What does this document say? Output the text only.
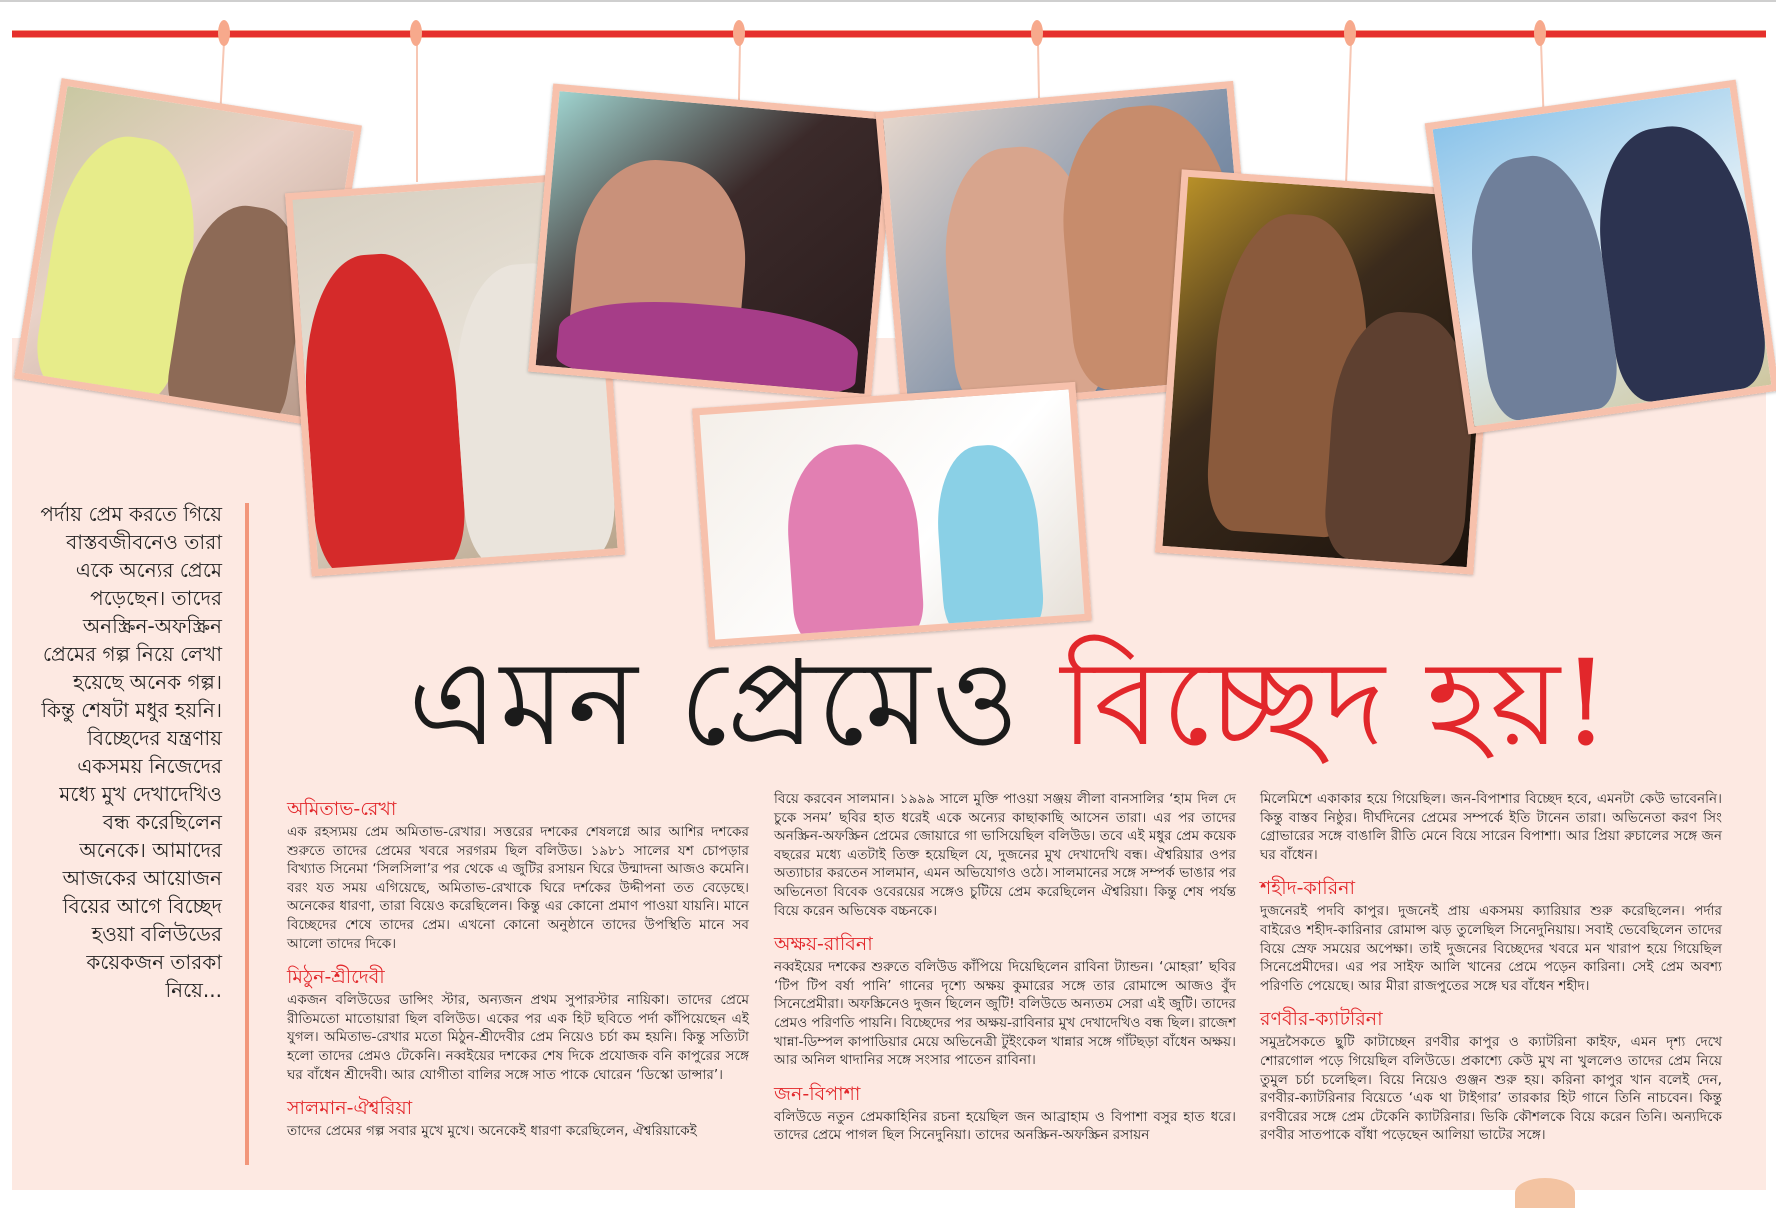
এমন প্রেমেও বিচ্ছেদ হয়!
পর্দায় প্রেম করতে গিয়ে বাস্তবজীবনেও তারা একে অন্যের প্রেমে পড়েছেন। তাদের অনস্ক্রিন-অফস্ক্রিন প্রেমের গল্প নিয়ে লেখা হয়েছে অনেক গল্প। কিন্তু শেষটা মধুর হয়নি। বিচ্ছেদের যন্ত্রণায় একসময় নিজেদের মধ্যে মুখ দেখাদেখিও বন্ধ করেছিলেন অনেকে। আমাদের আজকের আয়োজন বিয়ের আগে বিচ্ছেদ হওয়া বলিউডের কয়েকজন তারকা নিয়ে...
অমিতাভ-রেখা

এক রহস্যময় প্রেম অমিতাভ-রেখার। সত্তরের দশকের শেষলগ্নে আর আশির দশকের শুরুতে তাদের প্রেমের খবরে সরগরম ছিল বলিউড। ১৯৮১ সালের যশ চোপড়ার বিখ্যাত সিনেমা ‘সিলসিলা’র পর থেকে এ জুটির রসায়ন ঘিরে উন্মাদনা আজও কমেনি। বরং যত সময় এগিয়েছে, অমিতাভ-রেখাকে ঘিরে দর্শকের উদ্দীপনা তত বেড়েছে। অনেকের ধারণা, তারা বিয়েও করেছিলেন। কিন্তু এর কোনো প্রমাণ পাওয়া যায়নি। মানে বিচ্ছেদের শেষে তাদের প্রেম। এখনো কোনো অনুষ্ঠানে তাদের উপস্থিতি মানে সব আলো তাদের দিকে।

মিঠুন-শ্রীদেবী

একজন বলিউডের ডান্সিং স্টার, অন্যজন প্রথম সুপারস্টার নায়িকা। তাদের প্রেমে রীতিমতো মাতোয়ারা ছিল বলিউড। একের পর এক হিট ছবিতে পর্দা কাঁপিয়েছেন এই যুগল। অমিতাভ-রেখার মতো মিঠুন-শ্রীদেবীর প্রেম নিয়েও চর্চা কম হয়নি। কিন্তু সত্যিটা হলো তাদের প্রেমও টেকেনি। নব্বইয়ের দশকের শেষ দিকে প্রযোজক বনি কাপুরের সঙ্গে ঘর বাঁধেন শ্রীদেবী। আর যোগীতা বালির সঙ্গে সাত পাকে ঘোরেন ‘ডিস্কো ডান্সার’।

সালমান-ঐশ্বরিয়া

তাদের প্রেমের গল্প সবার মুখে মুখে। অনেকেই ধারণা করেছিলেন, ঐশ্বরিয়াকেই

বিয়ে করবেন সালমান। ১৯৯৯ সালে মুক্তি পাওয়া সঞ্জয় লীলা বানসালির ‘হাম দিল দে চুকে সনম’ ছবির হাত ধরেই একে অন্যের কাছাকাছি আসেন তারা। এর পর তাদের অনস্ক্রিন-অফস্ক্রিন প্রেমের জোয়ারে গা ভাসিয়েছিল বলিউড। তবে এই মধুর প্রেম কয়েক বছরের মধ্যে এতটাই তিক্ত হয়েছিল যে, দুজনের মুখ দেখাদেখি বন্ধ। ঐশ্বরিয়ার ওপর অত্যাচার করতেন সালমান, এমন অভিযোগও ওঠে। সালমানের সঙ্গে সম্পর্ক ভাঙার পর অভিনেতা বিবেক ওবেরয়ের সঙ্গেও চুটিয়ে প্রেম করেছিলেন ঐশ্বরিয়া। কিন্তু শেষ পর্যন্ত বিয়ে করেন অভিষেক বচ্চনকে।

অক্ষয়-রাবিনা

নব্বইয়ের দশকের শুরুতে বলিউড কাঁপিয়ে দিয়েছিলেন রাবিনা ট্যান্ডন। ‘মোহরা’ ছবির ‘টিপ টিপ বর্ষা পানি’ গানের দৃশ্যে অক্ষয় কুমারের সঙ্গে তার রোমান্সে আজও বুঁদ সিনেপ্রেমীরা। অফস্ক্রিনেও দুজন ছিলেন জুটি! বলিউডে অন্যতম সেরা এই জুটি। তাদের প্রেমও পরিণতি পায়নি। বিচ্ছেদের পর অক্ষয়-রাবিনার মুখ দেখাদেখিও বন্ধ ছিল। রাজেশ খান্না-ডিম্পল কাপাডিয়ার মেয়ে অভিনেত্রী টুইংকেল খান্নার সঙ্গে গাঁটছড়া বাঁধেন অক্ষয়। আর অনিল থাদানির সঙ্গে সংসার পাতেন রাবিনা।

জন-বিপাশা

বলিউডে নতুন প্রেমকাহিনির রচনা হয়েছিল জন আব্রাহাম ও বিপাশা বসুর হাত ধরে। তাদের প্রেমে পাগল ছিল সিনেদুনিয়া। তাদের অনস্ক্রিন-অফস্ক্রিন রসায়ন

মিলেমিশে একাকার হয়ে গিয়েছিল। জন-বিপাশার বিচ্ছেদ হবে, এমনটা কেউ ভাবেননি। কিন্তু বাস্তব নিষ্ঠুর। দীর্ঘদিনের প্রেমের সম্পর্কে ইতি টানেন তারা। অভিনেতা করণ সিং গ্রোভারের সঙ্গে বাঙালি রীতি মেনে বিয়ে সারেন বিপাশা। আর প্রিয়া রুচালের সঙ্গে জন ঘর বাঁধেন।

শহীদ-কারিনা

দুজনেরই পদবি কাপুর। দুজনেই প্রায় একসময় ক্যারিয়ার শুরু করেছিলেন। পর্দার বাইরেও শহীদ-কারিনার রোমান্স ঝড় তুলেছিল সিনেদুনিয়ায়। সবাই ভেবেছিলেন তাদের বিয়ে স্রেফ সময়ের অপেক্ষা। তাই দুজনের বিচ্ছেদের খবরে মন খারাপ হয়ে গিয়েছিল সিনেপ্রেমীদের। এর পর সাইফ আলি খানের প্রেমে পড়েন কারিনা। সেই প্রেম অবশ্য পরিণতি পেয়েছে। আর মীরা রাজপুতের সঙ্গে ঘর বাঁধেন শহীদ।

রণবীর-ক্যাটরিনা

সমুদ্রসৈকতে ছুটি কাটাচ্ছেন রণবীর কাপুর ও ক্যাটরিনা কাইফ, এমন দৃশ্য দেখে শোরগোল পড়ে গিয়েছিল বলিউডে। প্রকাশ্যে কেউ মুখ না খুললেও তাদের প্রেম নিয়ে তুমুল চর্চা চলেছিল। বিয়ে নিয়েও গুঞ্জন শুরু হয়। করিনা কাপুর খান বলেই দেন, রণবীর-ক্যাটরিনার বিয়েতে ‘এক থা টাইগার’ তারকার হিট গানে তিনি নাচবেন। কিন্তু রণবীরের সঙ্গে প্রেম টেকেনি ক্যাটরিনার। ভিকি কৌশলকে বিয়ে করেন তিনি। অন্যদিকে রণবীর সাতপাকে বাঁধা পড়েছেন আলিয়া ভাটের সঙ্গে।
